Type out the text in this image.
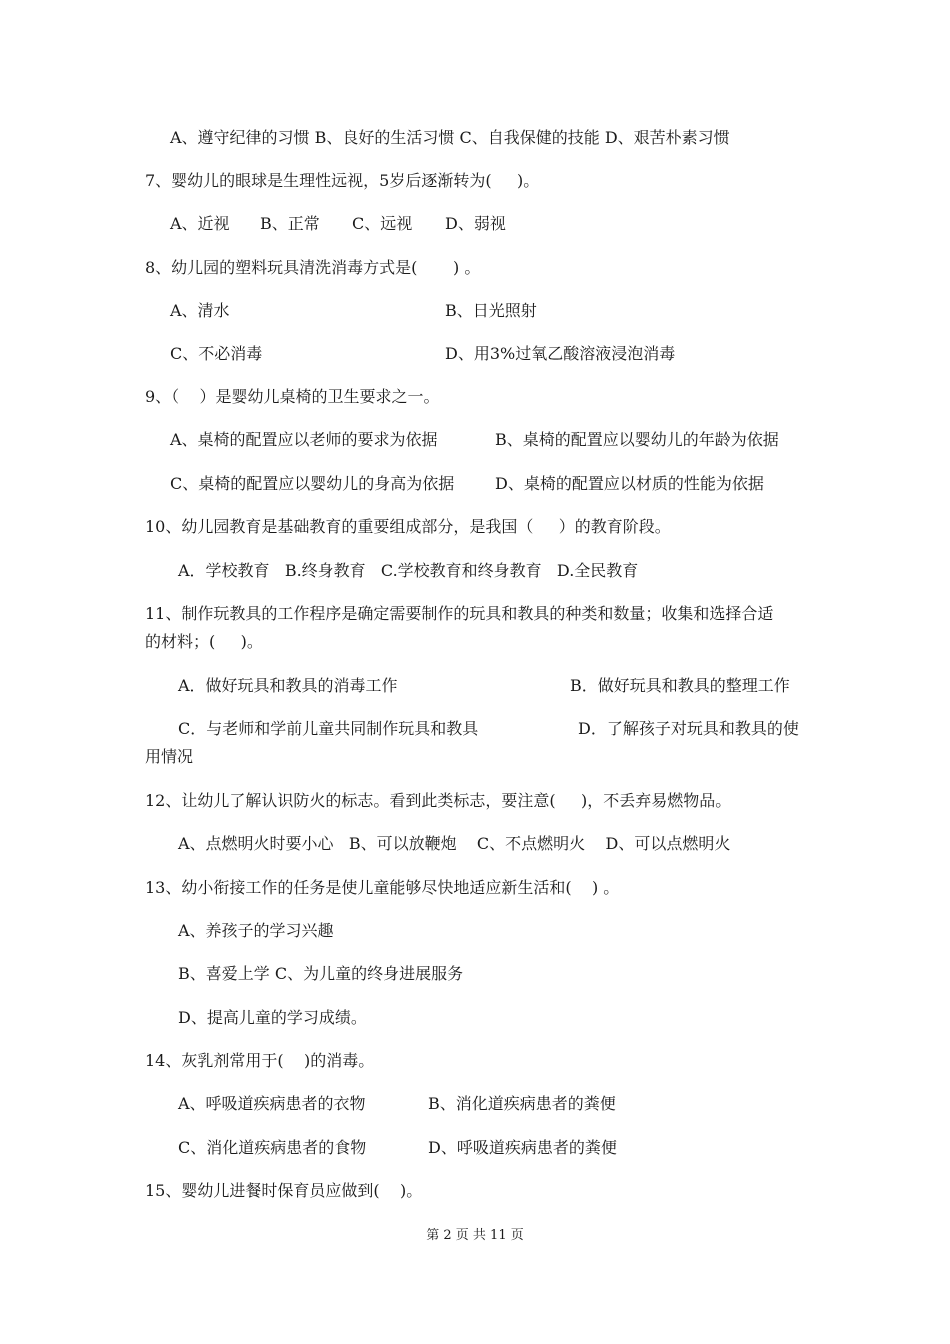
A、遵守纪律的习惯 B、良好的生活习惯 C、自我保健的技能 D、艰苦朴素习惯
7、婴幼儿的眼球是生理性远视，5岁后逐渐转为(     )。
A、近视 B、正常 C、远视 D、弱视
8、幼儿园的塑料玩具清洗消毒方式是(       ) 。
A、清水	B、日光照射
C、不必消毒	D、用3%过氧乙酸溶液浸泡消毒
9、（    ）是婴幼儿桌椅的卫生要求之一。
A、桌椅的配置应以老师的要求为依据	B、桌椅的配置应以婴幼儿的年龄为依据
C、桌椅的配置应以婴幼儿的身高为依据	D、桌椅的配置应以材质的性能为依据
10、幼儿园教育是基础教育的重要组成部分，是我国（     ）的教育阶段。
A．学校教育   B.终身教育   C.学校教育和终身教育   D.全民教育
11、制作玩教具的工作程序是确定需要制作的玩具和教具的种类和数量；收集和选择合适
的材料；(     )。
A．做好玩具和教具的消毒工作	B．做好玩具和教具的整理工作
C．与老师和学前儿童共同制作玩具和教具	D．了解孩子对玩具和教具的使
用情况
12、让幼儿了解认识防火的标志。看到此类标志，要注意(     )，不丢弃易燃物品。
A、点燃明火时要小心   B、可以放鞭炮    C、不点燃明火    D、可以点燃明火
13、幼小衔接工作的任务是使儿童能够尽快地适应新生活和(    ) 。
A、养孩子的学习兴趣
B、喜爱上学 C、为儿童的终身进展服务
D、提高儿童的学习成绩。
14、灰乳剂常用于(    )的消毒。
A、呼吸道疾病患者的衣物	B、消化道疾病患者的粪便
C、消化道疾病患者的食物	D、呼吸道疾病患者的粪便
15、婴幼儿进餐时保育员应做到(    )。
第 2 页 共 11 页
